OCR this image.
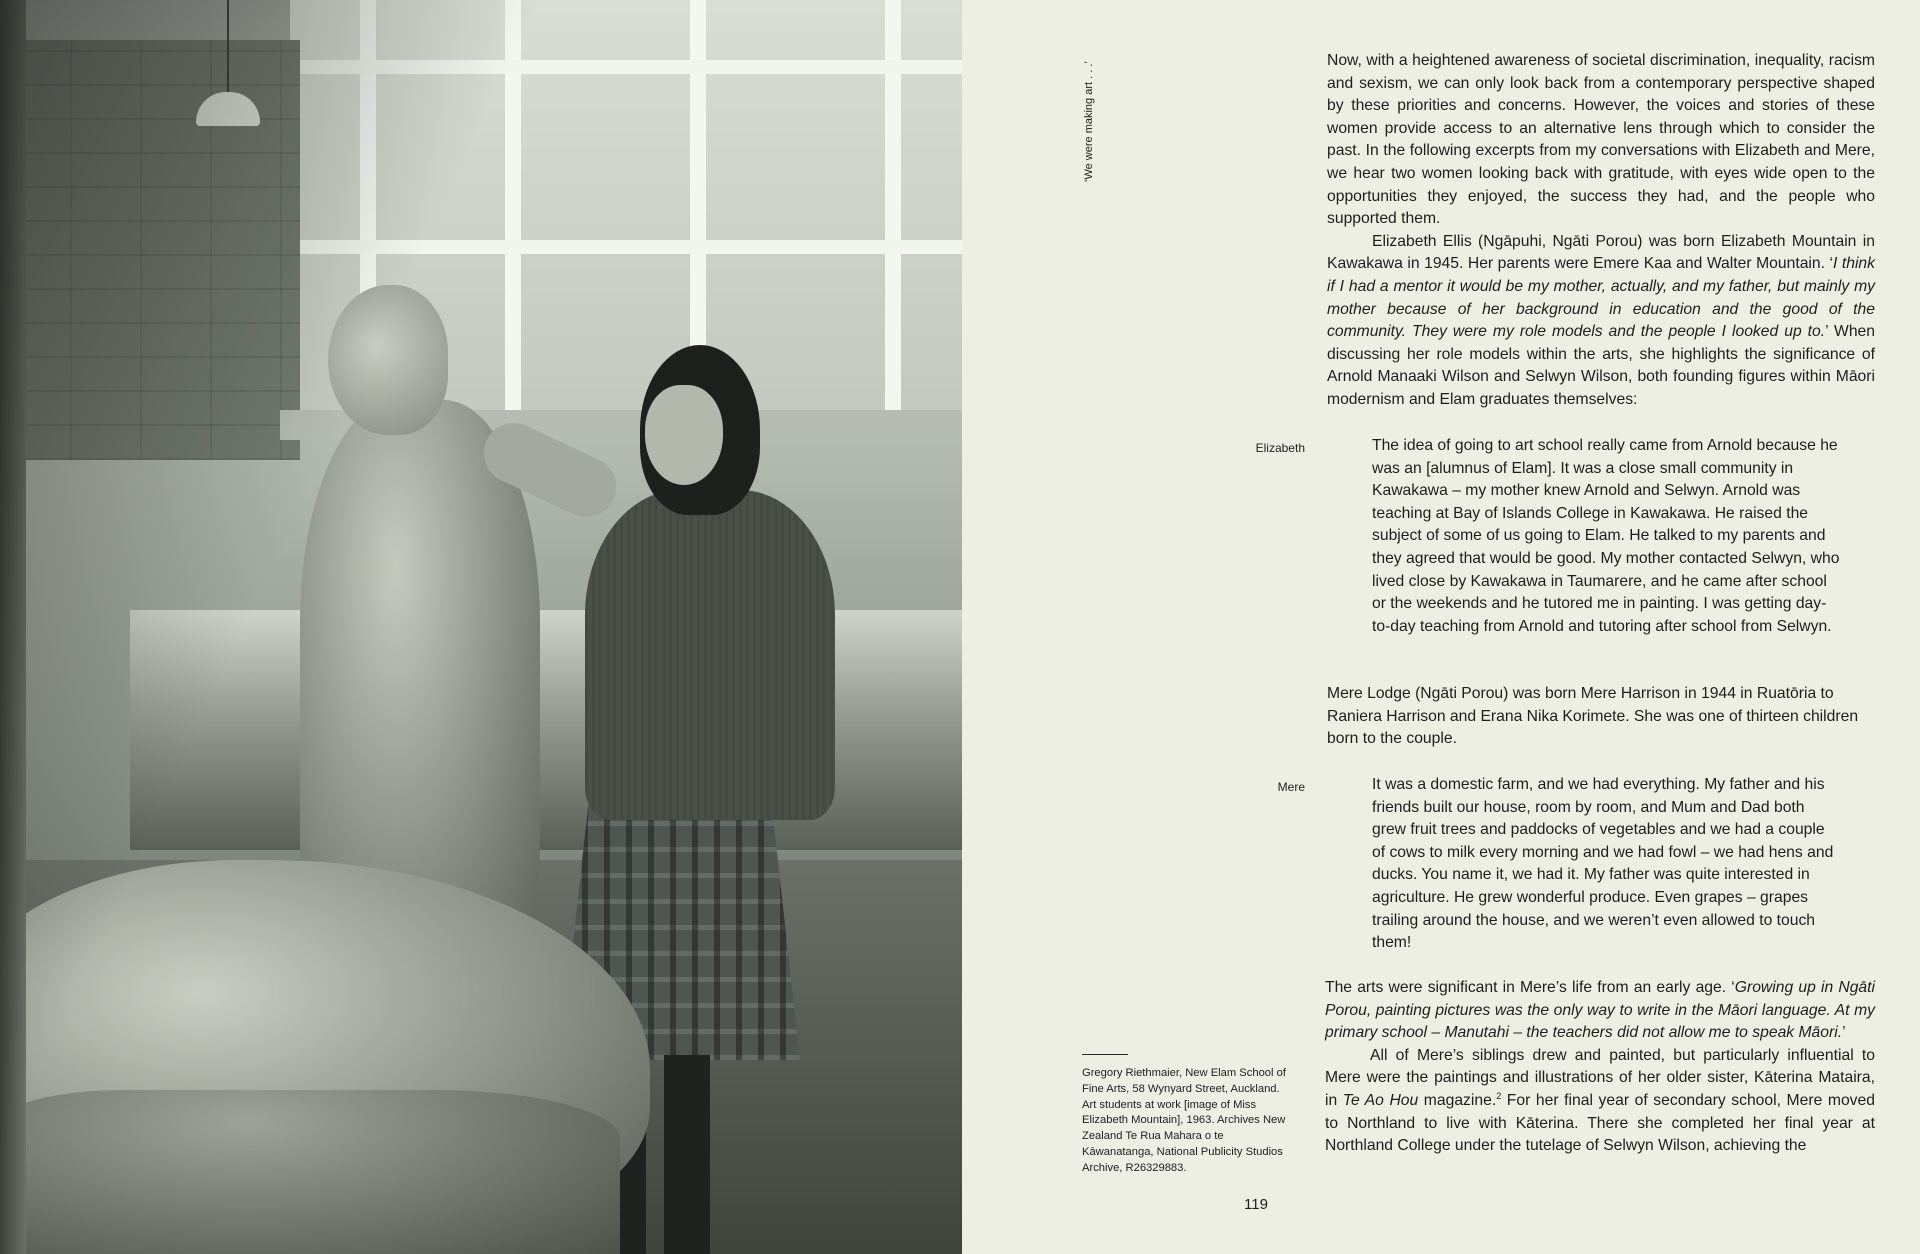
‘We were making art . . .’

Now, with a heightened awareness of societal discrimination, inequality, racism and sexism, we can only look back from a contemporary perspective shaped by these priorities and concerns. However, the voices and stories of these women provide access to an alternative lens through which to consider the past. In the following excerpts from my conversations with Elizabeth and Mere, we hear two women looking back with gratitude, with eyes wide open to the opportunities they enjoyed, the success they had, and the people who supported them.

Elizabeth Ellis (Ngāpuhi, Ngāti Porou) was born Elizabeth Mountain in Kawakawa in 1945. Her parents were Emere Kaa and Walter Mountain. ‘I think if I had a mentor it would be my mother, actually, and my father, but mainly my mother because of her background in education and the good of the community. They were my role models and the people I looked up to.’ When discussing her role models within the arts, she highlights the significance of Arnold Manaaki Wilson and Selwyn Wilson, both founding figures within Māori modernism and Elam graduates themselves:

Elizabeth	The idea of going to art school really came from Arnold because he was an [alumnus of Elam]. It was a close small community in Kawakawa – my mother knew Arnold and Selwyn. Arnold was teaching at Bay of Islands College in Kawakawa. He raised the subject of some of us going to Elam. He talked to my parents and they agreed that would be good. My mother contacted Selwyn, who lived close by Kawakawa in Taumarere, and he came after school or the weekends and he tutored me in painting. I was getting day-to-day teaching from Arnold and tutoring after school from Selwyn.

Mere Lodge (Ngāti Porou) was born Mere Harrison in 1944 in Ruatōria to Raniera Harrison and Erana Nika Korimete. She was one of thirteen children born to the couple.

Mere	It was a domestic farm, and we had everything. My father and his friends built our house, room by room, and Mum and Dad both grew fruit trees and paddocks of vegetables and we had a couple of cows to milk every morning and we had fowl – we had hens and ducks. You name it, we had it. My father was quite interested in agriculture. He grew wonderful produce. Even grapes – grapes trailing around the house, and we weren’t even allowed to touch them!

The arts were significant in Mere’s life from an early age. ‘Growing up in Ngāti Porou, painting pictures was the only way to write in the Māori language. At my primary school – Manutahi – the teachers did not allow me to speak Māori.’

All of Mere’s siblings drew and painted, but particularly influential to Mere were the paintings and illustrations of her older sister, Kāterina Mataira, in Te Ao Hou magazine.$^2$ For her final year of secondary school, Mere moved to Northland to live with Kāterina. There she completed her final year at Northland College under the tutelage of Selwyn Wilson, achieving the

Gregory Riethmaier, New Elam School of Fine Arts, 58 Wynyard Street, Auckland. Art students at work [image of Miss Elizabeth Mountain], 1963. Archives New Zealand Te Rua Mahara o te Kāwanatanga, National Publicity Studios Archive, R26329883.
119
